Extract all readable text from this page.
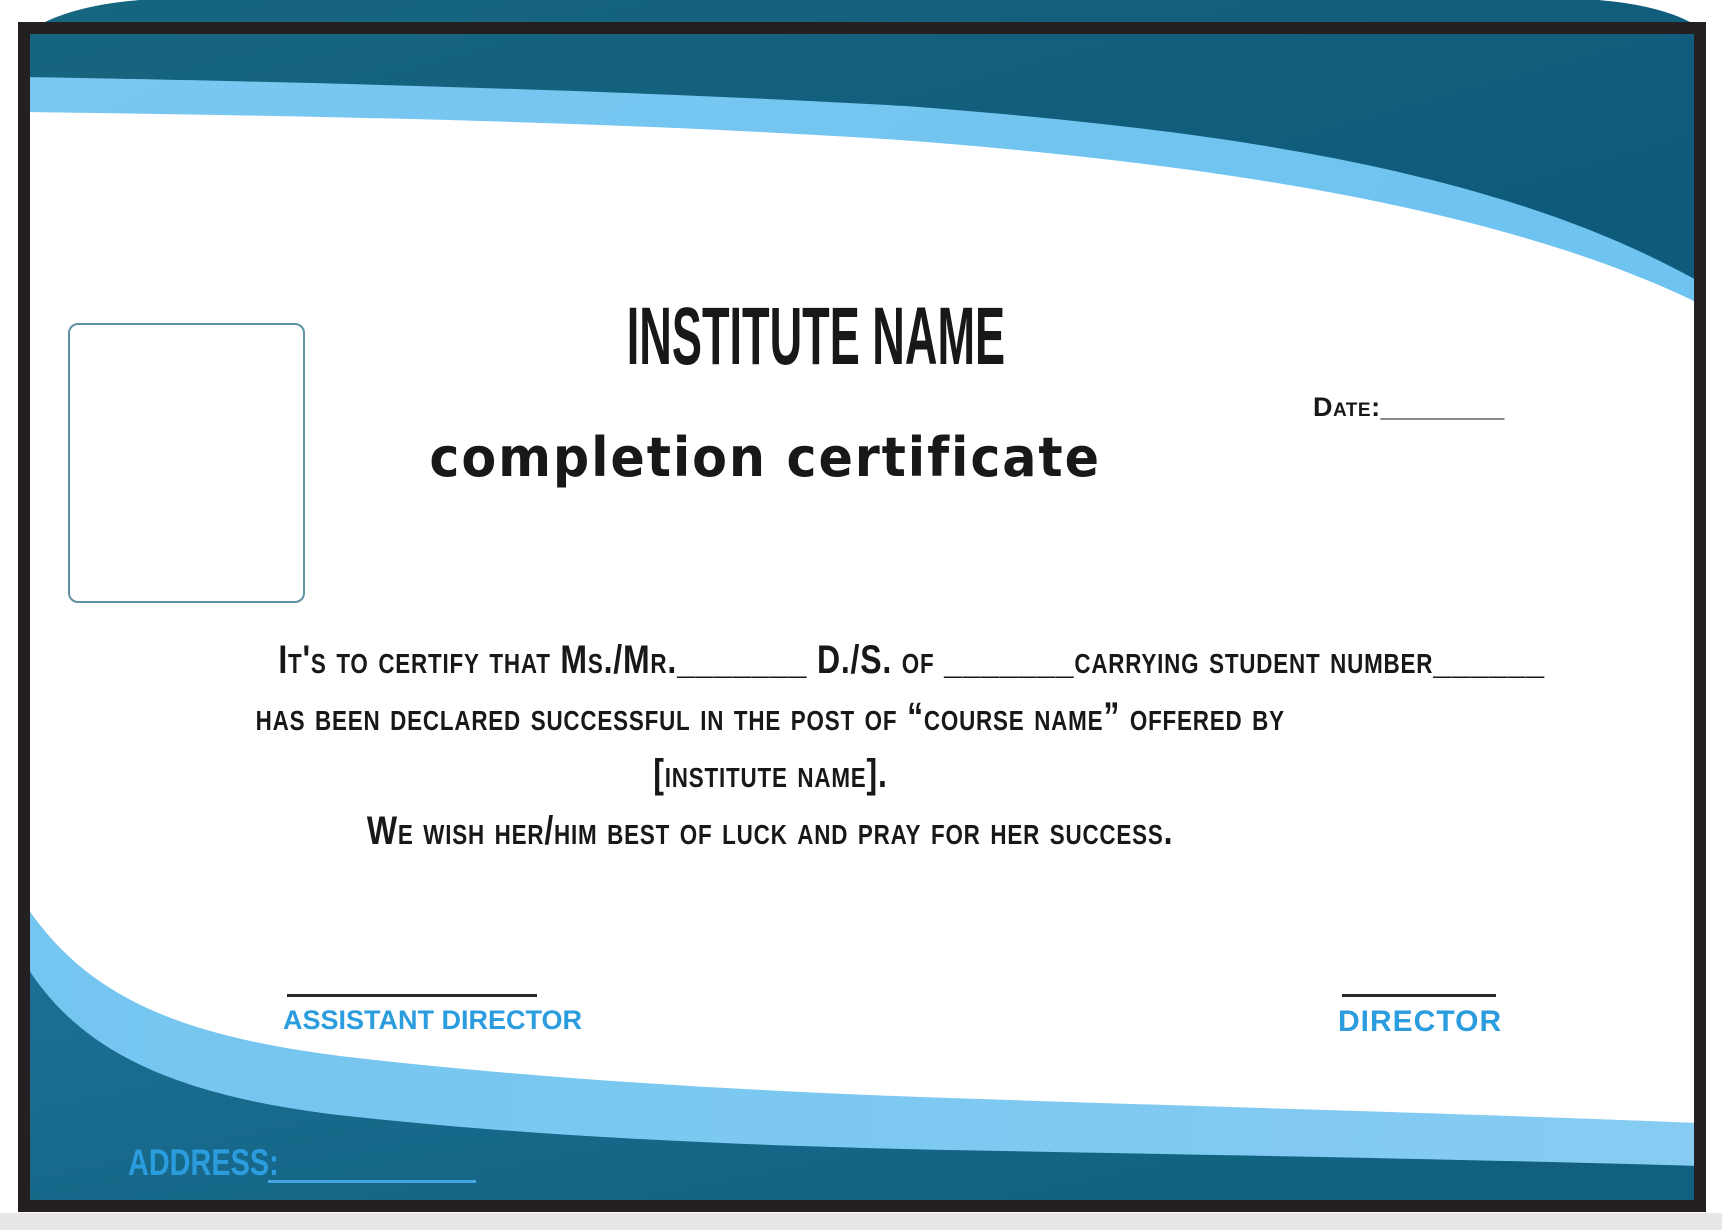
INSTITUTE NAME
Date:________
completion certificate

It's to certify that Ms./Mr._______ D./S. of _______carrying student number______

has been declared successful in the post of “course name” offered by

[institute name].

We wish her/him best of luck and pray for her success.

ASSISTANT DIRECTOR	DIRECTOR
ADDRESS:
